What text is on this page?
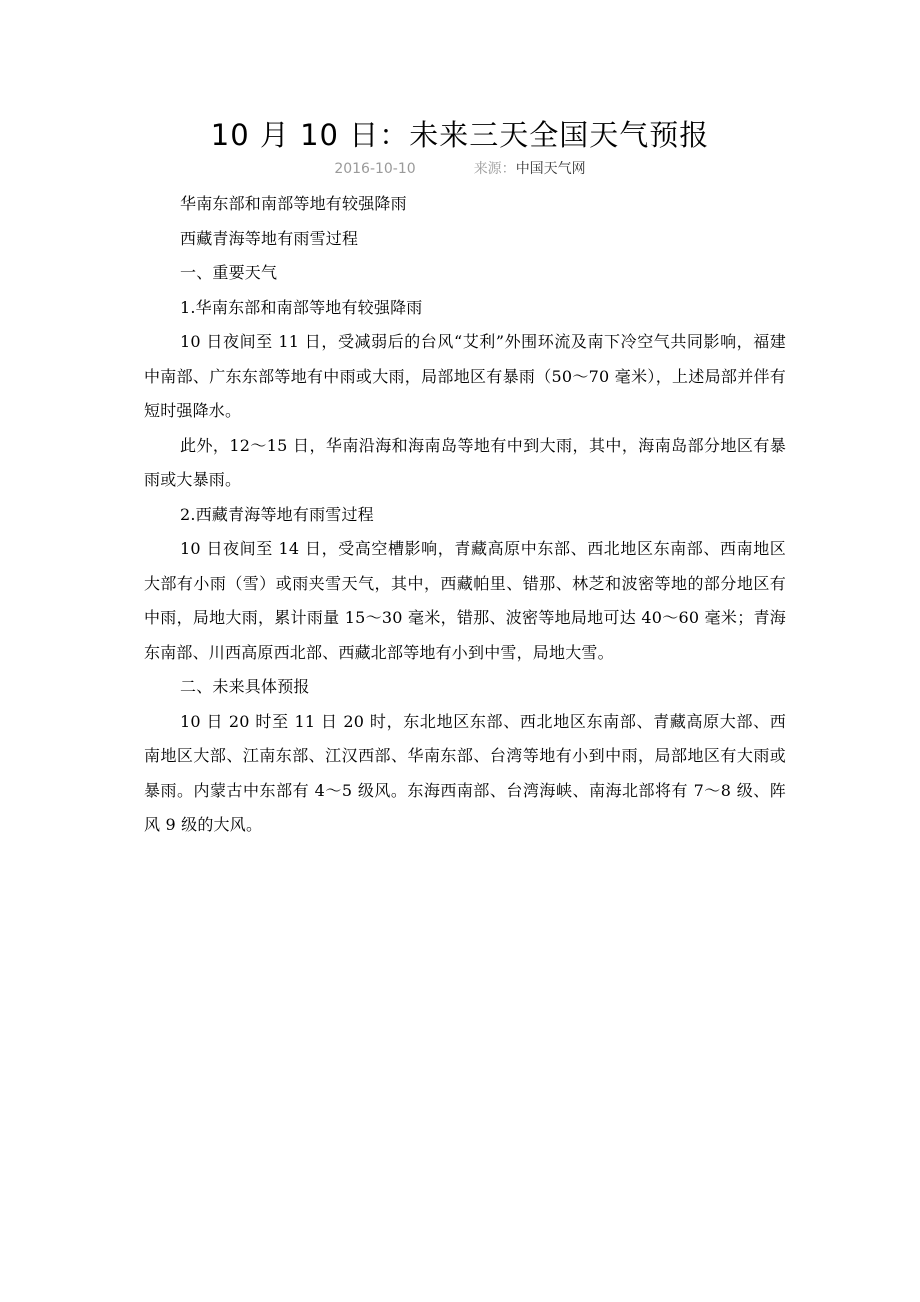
10 月 10 日：未来三天全国天气预报
2016-10-10	来源：中国天气网

华南东部和南部等地有较强降雨

西藏青海等地有雨雪过程

一、重要天气

1.华南东部和南部等地有较强降雨

10 日夜间至 11 日，受减弱后的台风“艾利”外围环流及南下冷空气共同影响，福建中南部、广东东部等地有中雨或大雨，局部地区有暴雨（50～70 毫米），上述局部并伴有短时强降水。

此外，12～15 日，华南沿海和海南岛等地有中到大雨，其中，海南岛部分地区有暴雨或大暴雨。

2.西藏青海等地有雨雪过程

10 日夜间至 14 日，受高空槽影响，青藏高原中东部、西北地区东南部、西南地区大部有小雨（雪）或雨夹雪天气，其中，西藏帕里、错那、林芝和波密等地的部分地区有中雨，局地大雨，累计雨量 15～30 毫米，错那、波密等地局地可达 40～60 毫米；青海东南部、川西高原西北部、西藏北部等地有小到中雪，局地大雪。

二、未来具体预报

10 日 20 时至 11 日 20 时，东北地区东部、西北地区东南部、青藏高原大部、西南地区大部、江南东部、江汉西部、华南东部、台湾等地有小到中雨，局部地区有大雨或暴雨。内蒙古中东部有 4～5 级风。东海西南部、台湾海峡、南海北部将有 7～8 级、阵风 9 级的大风。
